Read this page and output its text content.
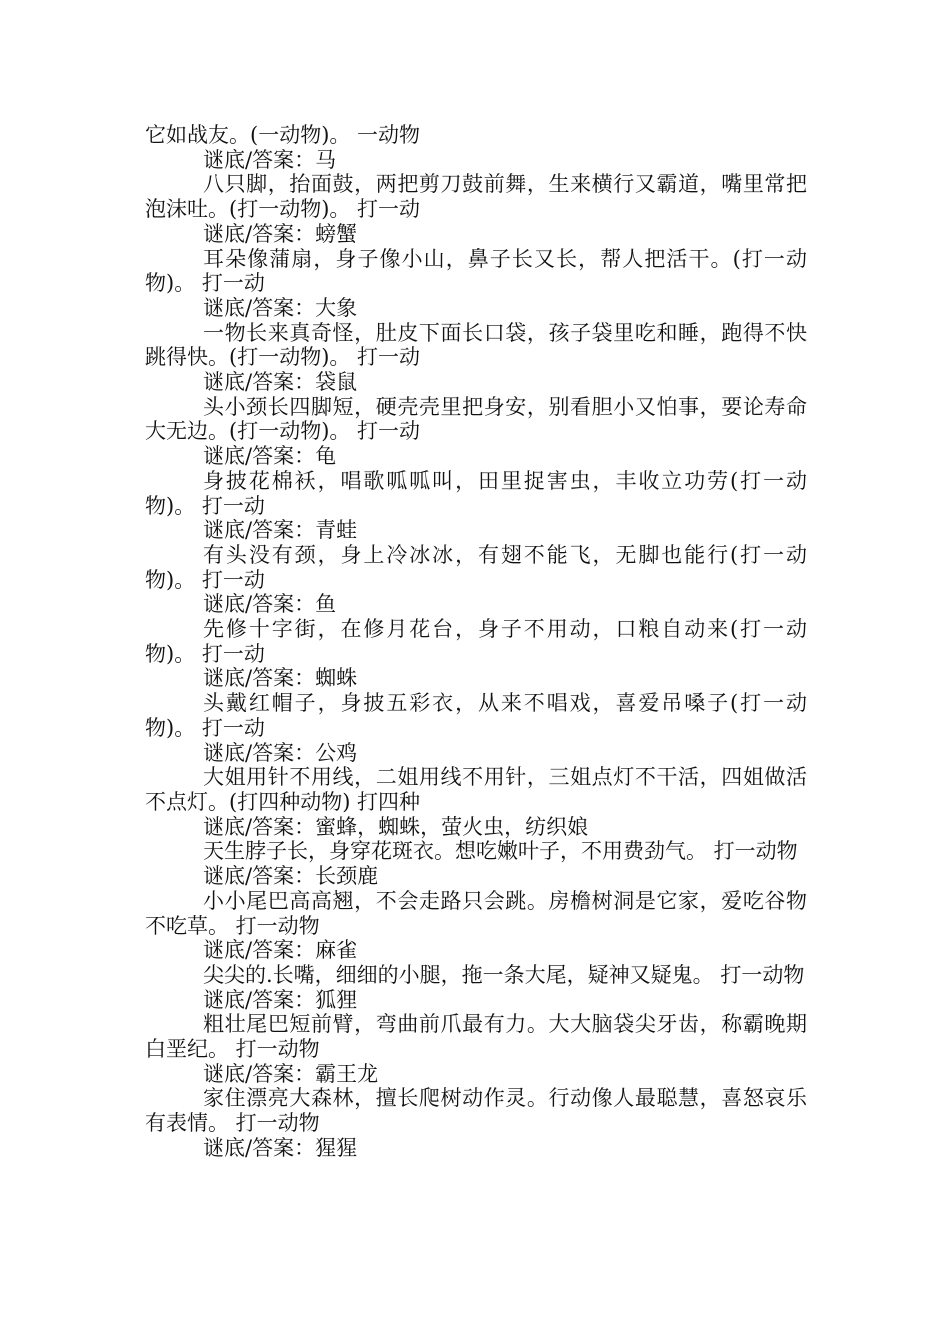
它如战友。(一动物)。 一动物

谜底/答案：马

八只脚，抬面鼓，两把剪刀鼓前舞，生来横行又霸道，嘴里常把泡沫吐。(打一动物)。 打一动

谜底/答案：螃蟹

耳朵像蒲扇，身子像小山，鼻子长又长，帮人把活干。(打一动物)。 打一动

谜底/答案：大象

一物长来真奇怪，肚皮下面长口袋，孩子袋里吃和睡，跑得不快跳得快。(打一动物)。 打一动

谜底/答案：袋鼠

头小颈长四脚短，硬壳壳里把身安，别看胆小又怕事，要论寿命大无边。(打一动物)。 打一动

谜底/答案：龟

身披花棉袄，唱歌呱呱叫，田里捉害虫，丰收立功劳(打一动物)。 打一动

谜底/答案：青蛙

有头没有颈，身上冷冰冰，有翅不能飞，无脚也能行(打一动物)。 打一动

谜底/答案：鱼

先修十字街，在修月花台，身子不用动，口粮自动来(打一动物)。 打一动

谜底/答案：蜘蛛

头戴红帽子，身披五彩衣，从来不唱戏，喜爱吊嗓子(打一动物)。 打一动

谜底/答案：公鸡

大姐用针不用线，二姐用线不用针，三姐点灯不干活，四姐做活不点灯。(打四种动物) 打四种

谜底/答案：蜜蜂，蜘蛛，萤火虫，纺织娘

天生脖子长，身穿花斑衣。想吃嫩叶子，不用费劲气。 打一动物

谜底/答案：长颈鹿

小小尾巴高高翘，不会走路只会跳。房檐树洞是它家，爱吃谷物不吃草。 打一动物

谜底/答案：麻雀

尖尖的.长嘴，细细的小腿，拖一条大尾，疑神又疑鬼。 打一动物

谜底/答案：狐狸

粗壮尾巴短前臂，弯曲前爪最有力。大大脑袋尖牙齿，称霸晚期白垩纪。 打一动物

谜底/答案：霸王龙

家住漂亮大森林，擅长爬树动作灵。行动像人最聪慧，喜怒哀乐有表情。 打一动物

谜底/答案：猩猩
